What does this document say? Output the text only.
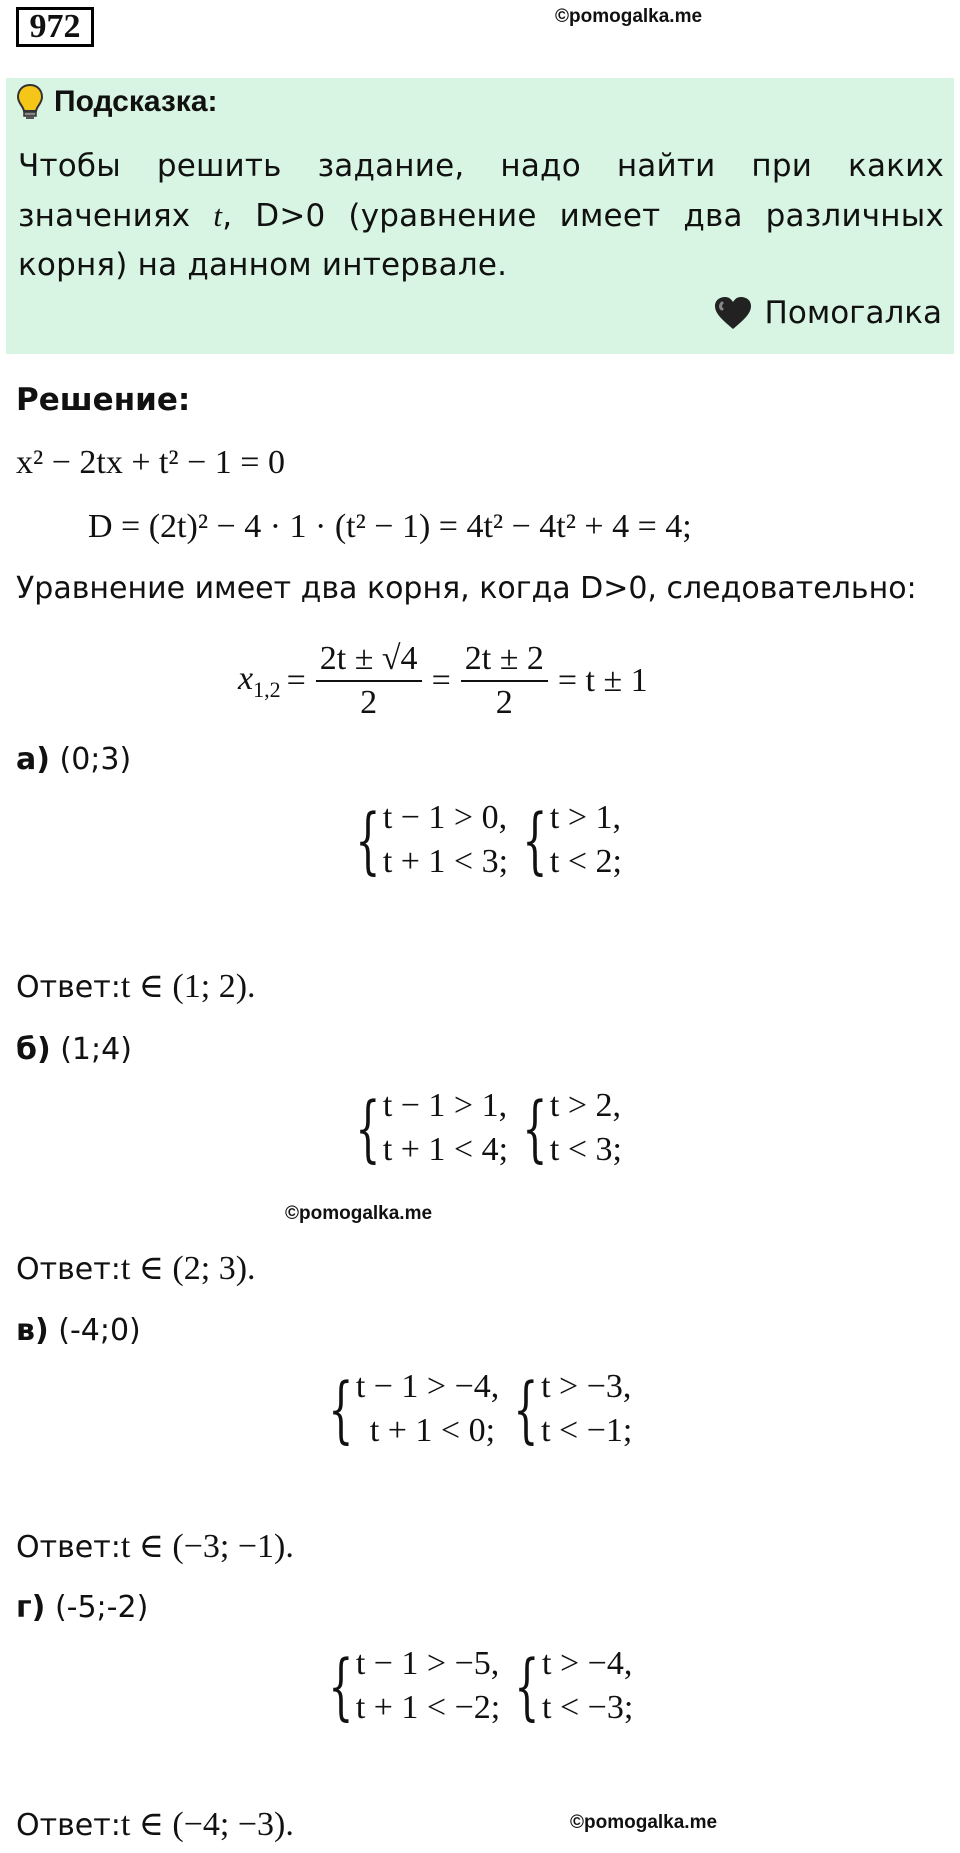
972	©pomogalka.me
Подсказка:
Чтобы решить задание, надо найти при каких значениях t, D>0 (уравнение имеет два различных корня) на данном интервале.
Помогалка
Решение:
x² − 2tx + t² − 1 = 0
D = (2t)² − 4 · 1 · (t² − 1) = 4t² − 4t² + 4 = 4;
Уравнение имеет два корня, когда D>0, следовательно:
$x_{1,2} = \frac{2t \pm √4}{2} = \frac{2t \pm 2}{2} = t \pm 1$
а) (0;3)
{ t − 1 > 0,
t + 1 < 3; { t > 1,
t < 2;
Ответ:t ∈ (1; 2).
б) (1;4)
{ t − 1 > 1,
t + 1 < 4; { t > 2,
t < 3;
©pomogalka.me
Ответ:t ∈ (2; 3).
в) (-4;0)
{ t − 1 > −4,
t + 1 < 0; { t > −3,
t < −1;
Ответ:t ∈ (−3; −1).
г) (-5;-2)
{ t − 1 > −5,
t + 1 < −2; { t > −4,
t < −3;
Ответ:t ∈ (−4; −3).	©pomogalka.me
